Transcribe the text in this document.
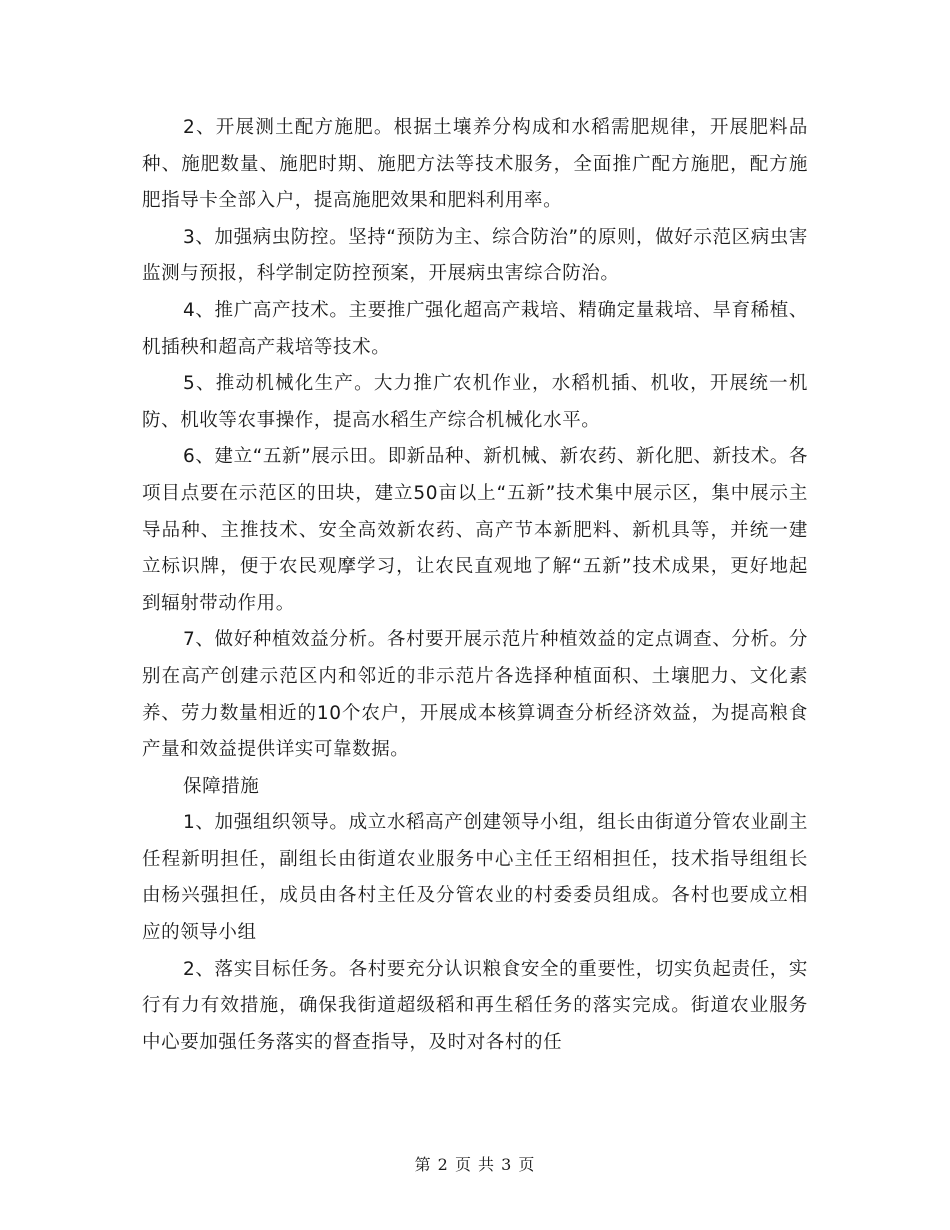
2、开展测土配方施肥。根据土壤养分构成和水稻需肥规律，开展肥料品种、施肥数量、施肥时期、施肥方法等技术服务，全面推广配方施肥，配方施肥指导卡全部入户，提高施肥效果和肥料利用率。

3、加强病虫防控。坚持“预防为主、综合防治”的原则，做好示范区病虫害监测与预报，科学制定防控预案，开展病虫害综合防治。

4、推广高产技术。主要推广强化超高产栽培、精确定量栽培、旱育稀植、机插秧和超高产栽培等技术。

5、推动机械化生产。大力推广农机作业，水稻机插、机收，开展统一机防、机收等农事操作，提高水稻生产综合机械化水平。

6、建立“五新”展示田。即新品种、新机械、新农药、新化肥、新技术。各项目点要在示范区的田块，建立50亩以上“五新”技术集中展示区，集中展示主导品种、主推技术、安全高效新农药、高产节本新肥料、新机具等，并统一建立标识牌，便于农民观摩学习，让农民直观地了解“五新”技术成果，更好地起到辐射带动作用。

7、做好种植效益分析。各村要开展示范片种植效益的定点调查、分析。分别在高产创建示范区内和邻近的非示范片各选择种植面积、土壤肥力、文化素养、劳力数量相近的10个农户，开展成本核算调查分析经济效益，为提高粮食产量和效益提供详实可靠数据。

保障措施

1、加强组织领导。成立水稻高产创建领导小组，组长由街道分管农业副主任程新明担任，副组长由街道农业服务中心主任王绍相担任，技术指导组组长由杨兴强担任，成员由各村主任及分管农业的村委委员组成。各村也要成立相应的领导小组

2、落实目标任务。各村要充分认识粮食安全的重要性，切实负起责任，实行有力有效措施，确保我街道超级稻和再生稻任务的落实完成。街道农业服务中心要加强任务落实的督查指导，及时对各村的任

第 2 页 共 3 页
